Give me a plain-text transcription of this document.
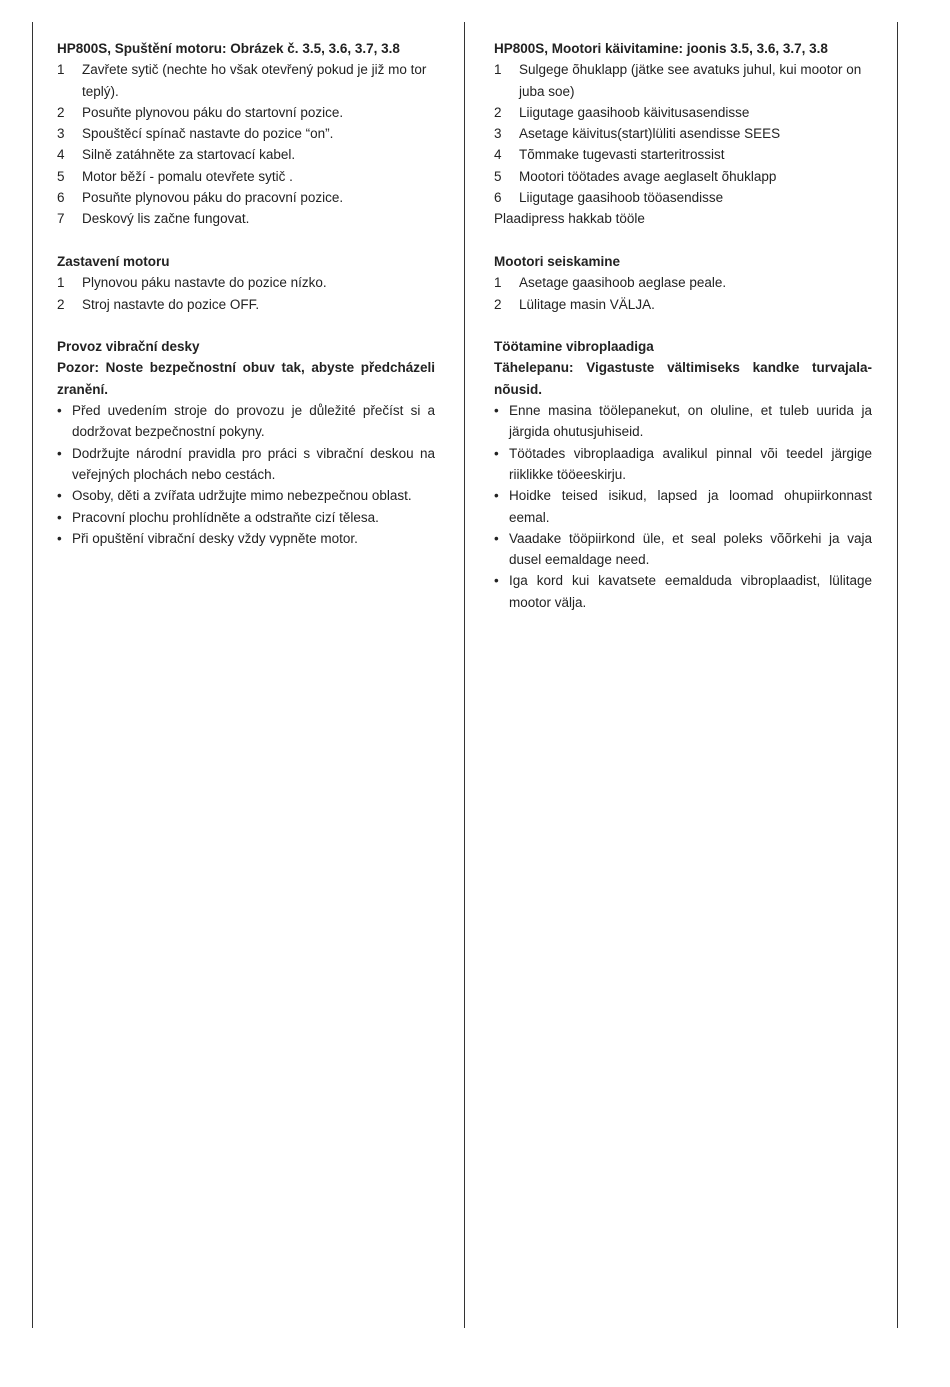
HP800S, Spuštění motoru: Obrázek č. 3.5, 3.6, 3.7, 3.8
1	Zavřete sytič (nechte ho však otevřený pokud je již mo tor teplý).
2	Posuňte plynovou páku do startovní pozice.
3	Spouštěcí spínač nastavte do pozice “on”.
4	Silně zatáhněte za startovací kabel.
5	Motor běží - pomalu otevřete sytič .
6	Posuňte plynovou páku do pracovní pozice.
7	Deskový lis začne fungovat.
Zastavení motoru
1	Plynovou páku nastavte do pozice nízko.
2	Stroj nastavte do pozice OFF.
Provoz vibrační desky
Pozor: Noste bezpečnostní obuv tak, abyste předcházeli zranění.
• Před uvedením stroje do provozu je důležité přečíst si a dodržovat bezpečnostní pokyny.
• Dodržujte národní pravidla pro práci s vibrační deskou na veřejných plochách nebo cestách.
• Osoby, děti a zvířata udržujte mimo nebezpečnou oblast.
• Pracovní plochu prohlídněte a odstraňte cizí tělesa.
• Při opuštění vibrační desky vždy vypněte motor.
HP800S, Mootori käivitamine: joonis 3.5, 3.6, 3.7, 3.8
1	Sulgege õhuklapp (jätke see avatuks juhul, kui mootor on juba soe)
2	Liigutage gaasihoob käivitusasendisse
3	Asetage käivitus(start)lüliti asendisse SEES
4	Tõmmake tugevasti starteritrossist
5	Mootori töötades avage aeglaselt õhuklapp
6	Liigutage gaasihoob tööasendisse

Plaadipress hakkab tööle

Mootori seiskamine
1	Asetage gaasihoob aeglase peale.
2	Lülitage masin VÄLJA.
Töötamine vibroplaadiga
Tähelepanu: Vigastuste vältimiseks kandke turvajala-nõusid.
• Enne masina töölepanekut, on oluline, et tuleb uurida ja järgida ohutusjuhiseid.
• Töötades vibroplaadiga avalikul pinnal või teedel järgige riiklikke tööeeskirju.
• Hoidke teised isikud, lapsed ja loomad ohupiirkonnast eemal.
• Vaadake tööpiirkond üle, et seal poleks võõrkehi ja vaja dusel eemaldage need.
• Iga kord kui kavatsete eemalduda vibroplaadist, lülitage mootor välja.
